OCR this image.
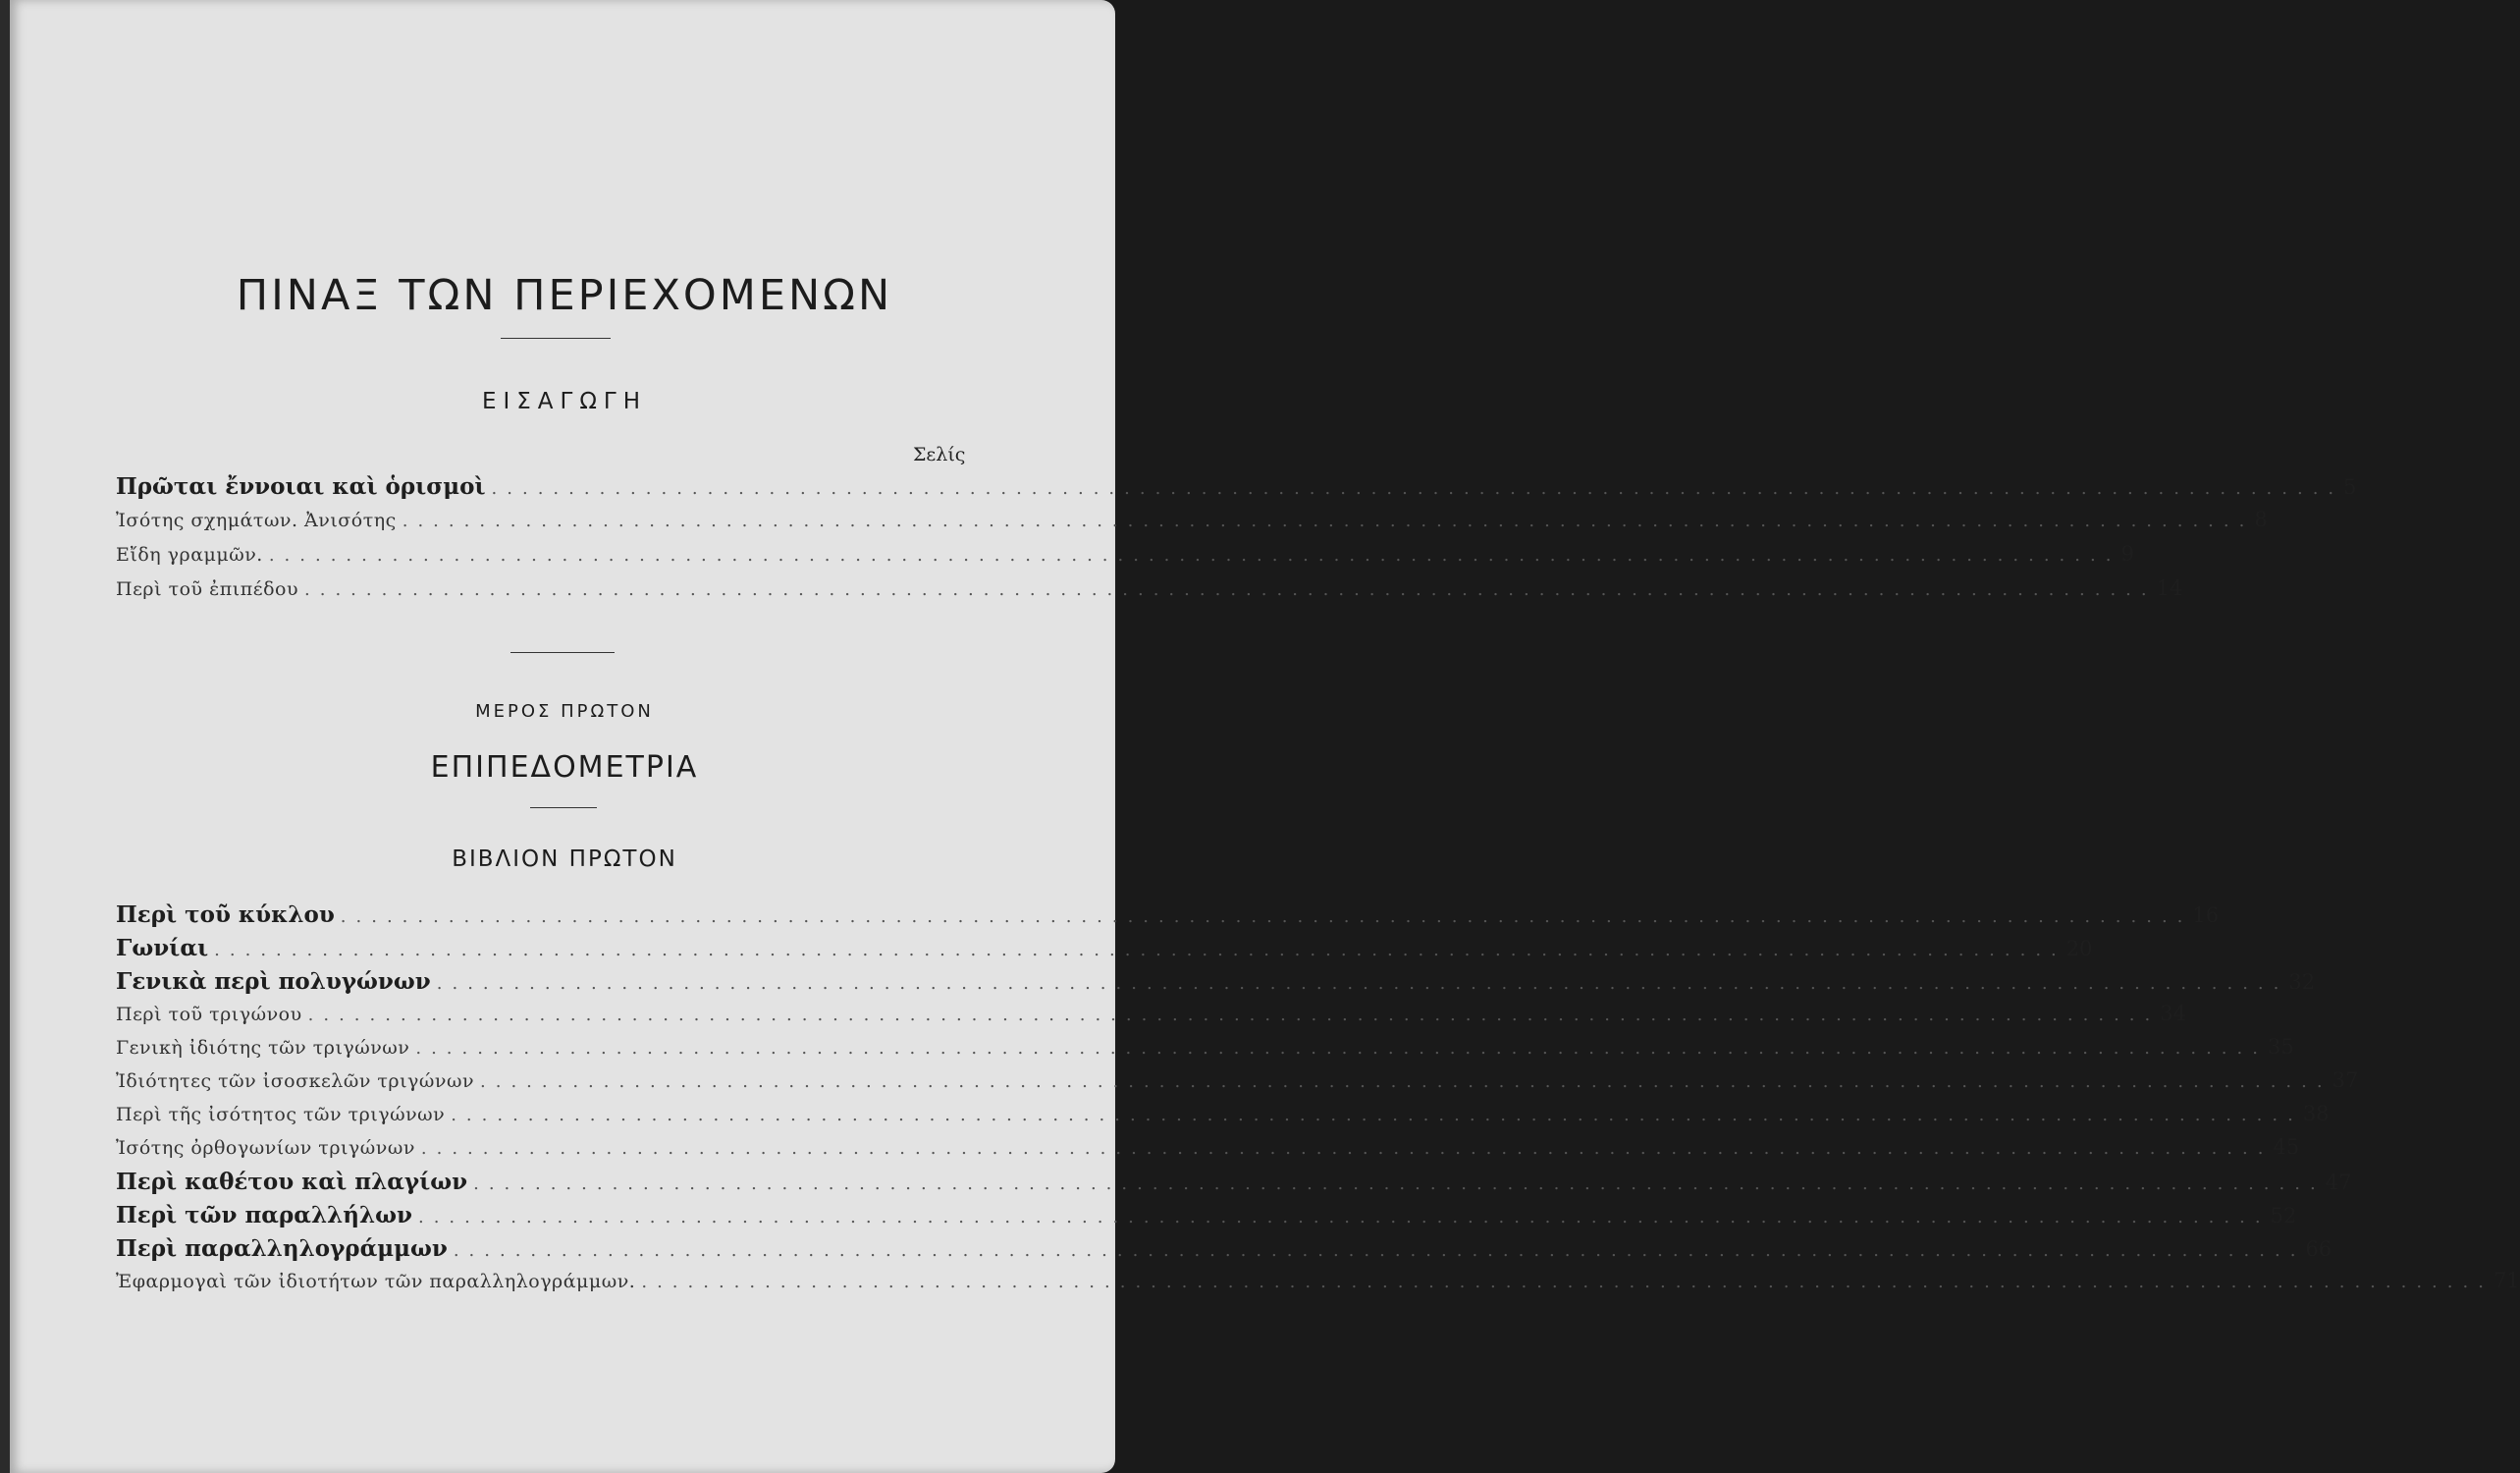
ΠΙΝΑΞ ΤΩΝ ΠΕΡΙΕΧΟΜΕΝΩΝ
ΕΙΣΑΓΩΓΗ
Σελίς
Πρῶται ἔννοιαι καὶ ὁρισμοὶ ........................................................................................................................ 5
Ἰσότης σχημάτων. Ἀνισότης ........................................................................................................................ 8
Εἴδη γραμμῶν. ........................................................................................................................ 9
Περὶ τοῦ ἐπιπέδου ........................................................................................................................ 14
ΜΕΡΟΣ ΠΡΩΤΟΝ
ΕΠΙΠΕΔΟΜΕΤΡΙΑ
ΒΙΒΛΙΟΝ ΠΡΩΤΟΝ
Περὶ τοῦ κύκλου ........................................................................................................................ 16
Γωνίαι ........................................................................................................................ 20
Γενικὰ περὶ πολυγώνων ........................................................................................................................ 32
Περὶ τοῦ τριγώνου ........................................................................................................................ 34
Γενικὴ ἰδιότης τῶν τριγώνων ........................................................................................................................ 35
Ἰδιότητες τῶν ἰσοσκελῶν τριγώνων ........................................................................................................................ 37
Περὶ τῆς ἰσότητος τῶν τριγώνων ........................................................................................................................ 38
Ἰσότης ὀρθογωνίων τριγώνων ........................................................................................................................ 45
Περὶ καθέτου καὶ πλαγίων ........................................................................................................................ 47
Περὶ τῶν παραλλήλων ........................................................................................................................ 52
Περὶ παραλληλογράμμων ........................................................................................................................ 66
Ἐφαρμογαὶ τῶν ἰδιοτήτων τῶν παραλληλογράμμων. ........................................................................................................................ 71
